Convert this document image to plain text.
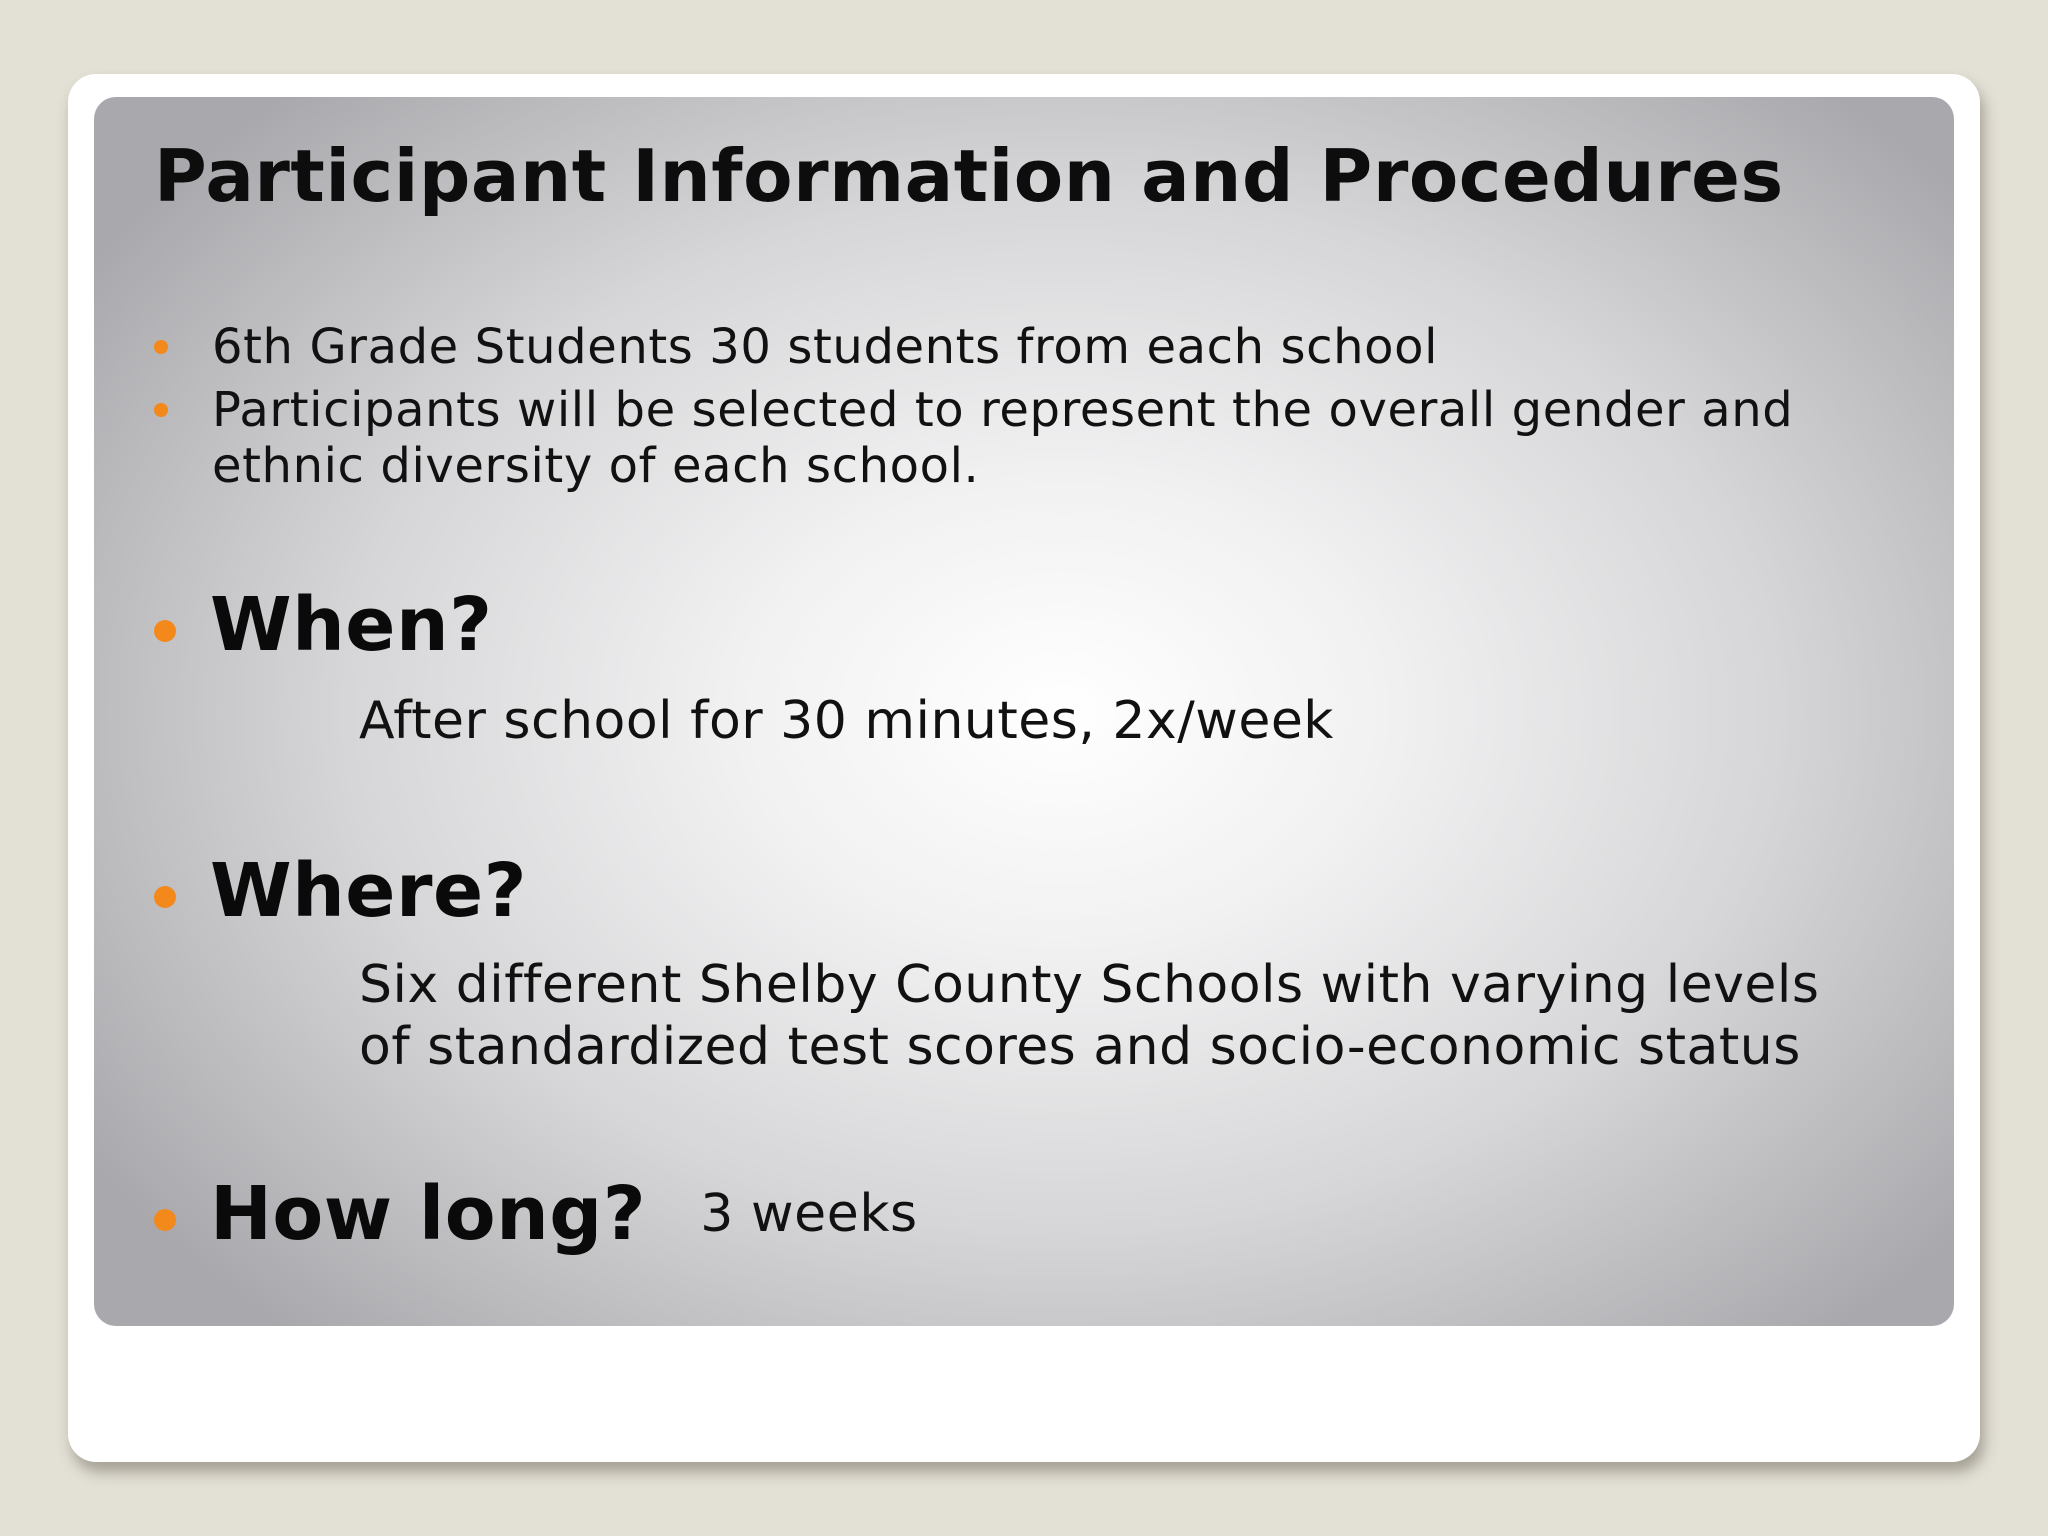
Participant Information and Procedures
6th Grade Students 30 students from each school
Participants will be selected to represent the overall gender and ethnic diversity of each school.
When?
After school for 30 minutes, 2x/week
Where?
Six different Shelby County Schools with varying levels
of standardized test scores and socio-economic status
How long? 3 weeks
